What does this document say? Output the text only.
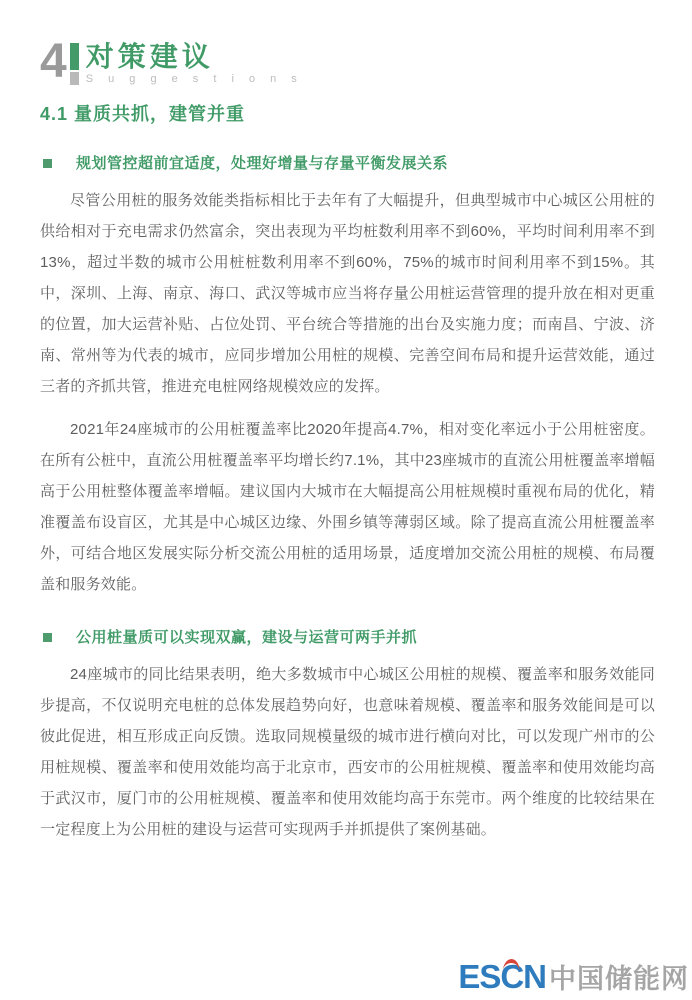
4 对策建议
S u g g e s t i o n s
4.1 量质共抓，建管并重
规划管控超前宜适度，处理好增量与存量平衡发展关系

尽管公用桩的服务效能类指标相比于去年有了大幅提升，但典型城市中心城区公用桩的供给相对于充电需求仍然富余，突出表现为平均桩数利用率不到60%，平均时间利用率不到13%，超过半数的城市公用桩桩数利用率不到60%，75%的城市时间利用率不到15%。其中，深圳、上海、南京、海口、武汉等城市应当将存量公用桩运营管理的提升放在相对更重的位置，加大运营补贴、占位处罚、平台统合等措施的出台及实施力度；而南昌、宁波、济南、常州等为代表的城市，应同步增加公用桩的规模、完善空间布局和提升运营效能，通过三者的齐抓共管，推进充电桩网络规模效应的发挥。

2021年24座城市的公用桩覆盖率比2020年提高4.7%，相对变化率远小于公用桩密度。在所有公桩中，直流公用桩覆盖率平均增长约7.1%，其中23座城市的直流公用桩覆盖率增幅高于公用桩整体覆盖率增幅。建议国内大城市在大幅提高公用桩规模时重视布局的优化，精准覆盖布设盲区，尤其是中心城区边缘、外围乡镇等薄弱区域。除了提高直流公用桩覆盖率外，可结合地区发展实际分析交流公用桩的适用场景，适度增加交流公用桩的规模、布局覆盖和服务效能。

公用桩量质可以实现双赢，建设与运营可两手并抓

24座城市的同比结果表明，绝大多数城市中心城区公用桩的规模、覆盖率和服务效能同步提高，不仅说明充电桩的总体发展趋势向好，也意味着规模、覆盖率和服务效能间是可以彼此促进，相互形成正向反馈。选取同规模量级的城市进行横向对比，可以发现广州市的公用桩规模、覆盖率和使用效能均高于北京市，西安市的公用桩规模、覆盖率和使用效能均高于武汉市，厦门市的公用桩规模、覆盖率和使用效能均高于东莞市。两个维度的比较结果在一定程度上为公用桩的建设与运营可实现两手并抓提供了案例基础。

ESCN 中国储能网
